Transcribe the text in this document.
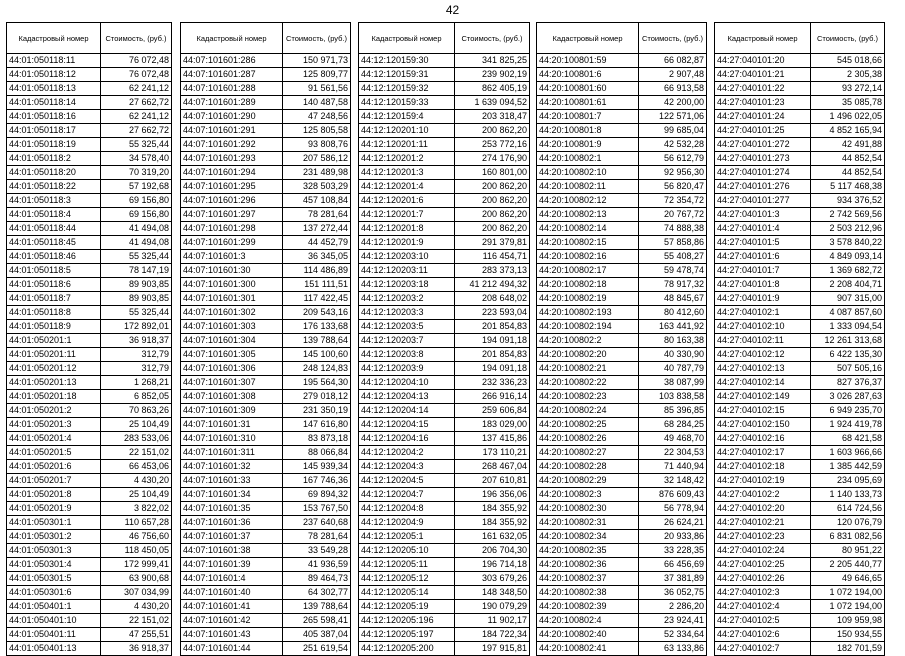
42
Кадастровый номер	Стоимость, (руб.)
44:01:050118:11	76 072,48
44:01:050118:12	76 072,48
44:01:050118:13	62 241,12
44:01:050118:14	27 662,72
44:01:050118:16	62 241,12
44:01:050118:17	27 662,72
44:01:050118:19	55 325,44
44:01:050118:2	34 578,40
44:01:050118:20	70 319,20
44:01:050118:22	57 192,68
44:01:050118:3	69 156,80
44:01:050118:4	69 156,80
44:01:050118:44	41 494,08
44:01:050118:45	41 494,08
44:01:050118:46	55 325,44
44:01:050118:5	78 147,19
44:01:050118:6	89 903,85
44:01:050118:7	89 903,85
44:01:050118:8	55 325,44
44:01:050118:9	172 892,01
44:01:050201:1	36 918,37
44:01:050201:11	312,79
44:01:050201:12	312,79
44:01:050201:13	1 268,21
44:01:050201:18	6 852,05
44:01:050201:2	70 863,26
44:01:050201:3	25 104,49
44:01:050201:4	283 533,06
44:01:050201:5	22 151,02
44:01:050201:6	66 453,06
44:01:050201:7	4 430,20
44:01:050201:8	25 104,49
44:01:050201:9	3 822,02
44:01:050301:1	110 657,28
44:01:050301:2	46 756,60
44:01:050301:3	118 450,05
44:01:050301:4	172 999,41
44:01:050301:5	63 900,68
44:01:050301:6	307 034,99
44:01:050401:1	4 430,20
44:01:050401:10	22 151,02
44:01:050401:11	47 255,51
44:01:050401:13	36 918,37
Кадастровый номер	Стоимость, (руб.)
44:07:101601:286	150 971,73
44:07:101601:287	125 809,77
44:07:101601:288	91 561,56
44:07:101601:289	140 487,58
44:07:101601:290	47 248,56
44:07:101601:291	125 805,58
44:07:101601:292	93 808,76
44:07:101601:293	207 586,12
44:07:101601:294	231 489,98
44:07:101601:295	328 503,29
44:07:101601:296	457 108,84
44:07:101601:297	78 281,64
44:07:101601:298	137 272,44
44:07:101601:299	44 452,79
44:07:101601:3	36 345,05
44:07:101601:30	114 486,89
44:07:101601:300	151 111,51
44:07:101601:301	117 422,45
44:07:101601:302	209 543,16
44:07:101601:303	176 133,68
44:07:101601:304	139 788,64
44:07:101601:305	145 100,60
44:07:101601:306	248 124,83
44:07:101601:307	195 564,30
44:07:101601:308	279 018,12
44:07:101601:309	231 350,19
44:07:101601:31	147 616,80
44:07:101601:310	83 873,18
44:07:101601:311	88 066,84
44:07:101601:32	145 939,34
44:07:101601:33	167 746,36
44:07:101601:34	69 894,32
44:07:101601:35	153 767,50
44:07:101601:36	237 640,68
44:07:101601:37	78 281,64
44:07:101601:38	33 549,28
44:07:101601:39	41 936,59
44:07:101601:4	89 464,73
44:07:101601:40	64 302,77
44:07:101601:41	139 788,64
44:07:101601:42	265 598,41
44:07:101601:43	405 387,04
44:07:101601:44	251 619,54
Кадастровый номер	Стоимость, (руб.)
44:12:120159:30	341 825,25
44:12:120159:31	239 902,19
44:12:120159:32	862 405,19
44:12:120159:33	1 639 094,52
44:12:120159:4	203 318,47
44:12:120201:10	200 862,20
44:12:120201:11	253 772,16
44:12:120201:2	274 176,90
44:12:120201:3	160 801,00
44:12:120201:4	200 862,20
44:12:120201:6	200 862,20
44:12:120201:7	200 862,20
44:12:120201:8	200 862,20
44:12:120201:9	291 379,81
44:12:120203:10	116 454,71
44:12:120203:11	283 373,13
44:12:120203:18	41 212 494,32
44:12:120203:2	208 648,02
44:12:120203:3	223 593,04
44:12:120203:5	201 854,83
44:12:120203:7	194 091,18
44:12:120203:8	201 854,83
44:12:120203:9	194 091,18
44:12:120204:10	232 336,23
44:12:120204:13	266 916,14
44:12:120204:14	259 606,84
44:12:120204:15	183 029,00
44:12:120204:16	137 415,86
44:12:120204:2	173 110,21
44:12:120204:3	268 467,04
44:12:120204:5	207 610,81
44:12:120204:7	196 356,06
44:12:120204:8	184 355,92
44:12:120204:9	184 355,92
44:12:120205:1	161 632,05
44:12:120205:10	206 704,30
44:12:120205:11	196 714,18
44:12:120205:12	303 679,26
44:12:120205:14	148 348,50
44:12:120205:19	190 079,29
44:12:120205:196	11 902,17
44:12:120205:197	184 722,34
44:12:120205:200	197 915,81
Кадастровый номер	Стоимость, (руб.)
44:20:100801:59	66 082,87
44:20:100801:6	2 907,48
44:20:100801:60	66 913,58
44:20:100801:61	42 200,00
44:20:100801:7	122 571,06
44:20:100801:8	99 685,04
44:20:100801:9	42 532,28
44:20:100802:1	56 612,79
44:20:100802:10	92 956,30
44:20:100802:11	56 820,47
44:20:100802:12	72 354,72
44:20:100802:13	20 767,72
44:20:100802:14	74 888,38
44:20:100802:15	57 858,86
44:20:100802:16	55 408,27
44:20:100802:17	59 478,74
44:20:100802:18	78 917,32
44:20:100802:19	48 845,67
44:20:100802:193	80 412,60
44:20:100802:194	163 441,92
44:20:100802:2	80 163,38
44:20:100802:20	40 330,90
44:20:100802:21	40 787,79
44:20:100802:22	38 087,99
44:20:100802:23	103 838,58
44:20:100802:24	85 396,85
44:20:100802:25	68 284,25
44:20:100802:26	49 468,70
44:20:100802:27	22 304,53
44:20:100802:28	71 440,94
44:20:100802:29	32 148,42
44:20:100802:3	876 609,43
44:20:100802:30	56 778,94
44:20:100802:31	26 624,21
44:20:100802:34	20 933,86
44:20:100802:35	33 228,35
44:20:100802:36	66 456,69
44:20:100802:37	37 381,89
44:20:100802:38	36 052,75
44:20:100802:39	2 286,20
44:20:100802:4	23 924,41
44:20:100802:40	52 334,64
44:20:100802:41	63 133,86
Кадастровый номер	Стоимость, (руб.)
44:27:040101:20	545 018,66
44:27:040101:21	2 305,38
44:27:040101:22	93 272,14
44:27:040101:23	35 085,78
44:27:040101:24	1 496 022,05
44:27:040101:25	4 852 165,94
44:27:040101:272	42 491,88
44:27:040101:273	44 852,54
44:27:040101:274	44 852,54
44:27:040101:276	5 117 468,38
44:27:040101:277	934 376,52
44:27:040101:3	2 742 569,56
44:27:040101:4	2 503 212,96
44:27:040101:5	3 578 840,22
44:27:040101:6	4 849 093,14
44:27:040101:7	1 369 682,72
44:27:040101:8	2 208 404,71
44:27:040101:9	907 315,00
44:27:040102:1	4 087 857,60
44:27:040102:10	1 333 094,54
44:27:040102:11	12 261 313,68
44:27:040102:12	6 422 135,30
44:27:040102:13	507 505,16
44:27:040102:14	827 376,37
44:27:040102:149	3 026 287,63
44:27:040102:15	6 949 235,70
44:27:040102:150	1 924 419,78
44:27:040102:16	68 421,58
44:27:040102:17	1 603 966,66
44:27:040102:18	1 385 442,59
44:27:040102:19	234 095,69
44:27:040102:2	1 140 133,73
44:27:040102:20	614 724,56
44:27:040102:21	120 076,79
44:27:040102:23	6 831 082,56
44:27:040102:24	80 951,22
44:27:040102:25	2 205 440,77
44:27:040102:26	49 646,65
44:27:040102:3	1 072 194,00
44:27:040102:4	1 072 194,00
44:27:040102:5	109 959,98
44:27:040102:6	150 934,55
44:27:040102:7	182 701,59
